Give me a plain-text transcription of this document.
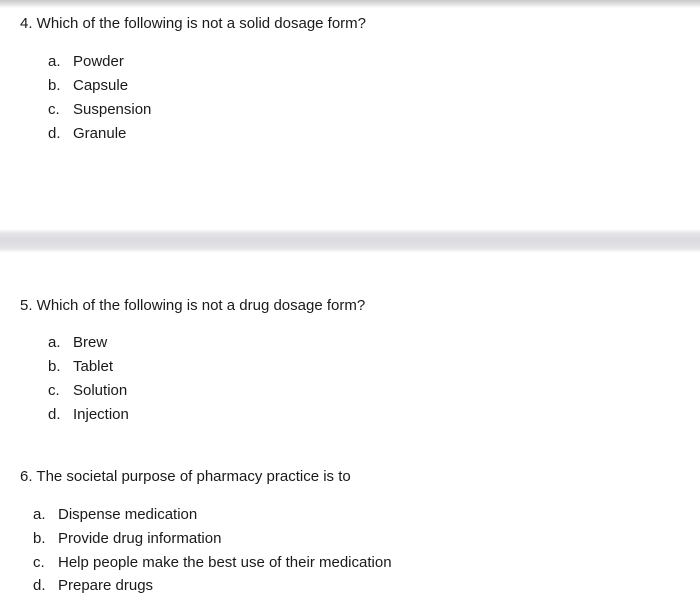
4. Which of the following is not a solid dosage form?
a. Powder
b. Capsule
c. Suspension
d. Granule
5. Which of the following is not a drug dosage form?
a. Brew
b. Tablet
c. Solution
d. Injection
6. The societal purpose of pharmacy practice is to
a. Dispense medication
b. Provide drug information
c. Help people make the best use of their medication
d. Prepare drugs
